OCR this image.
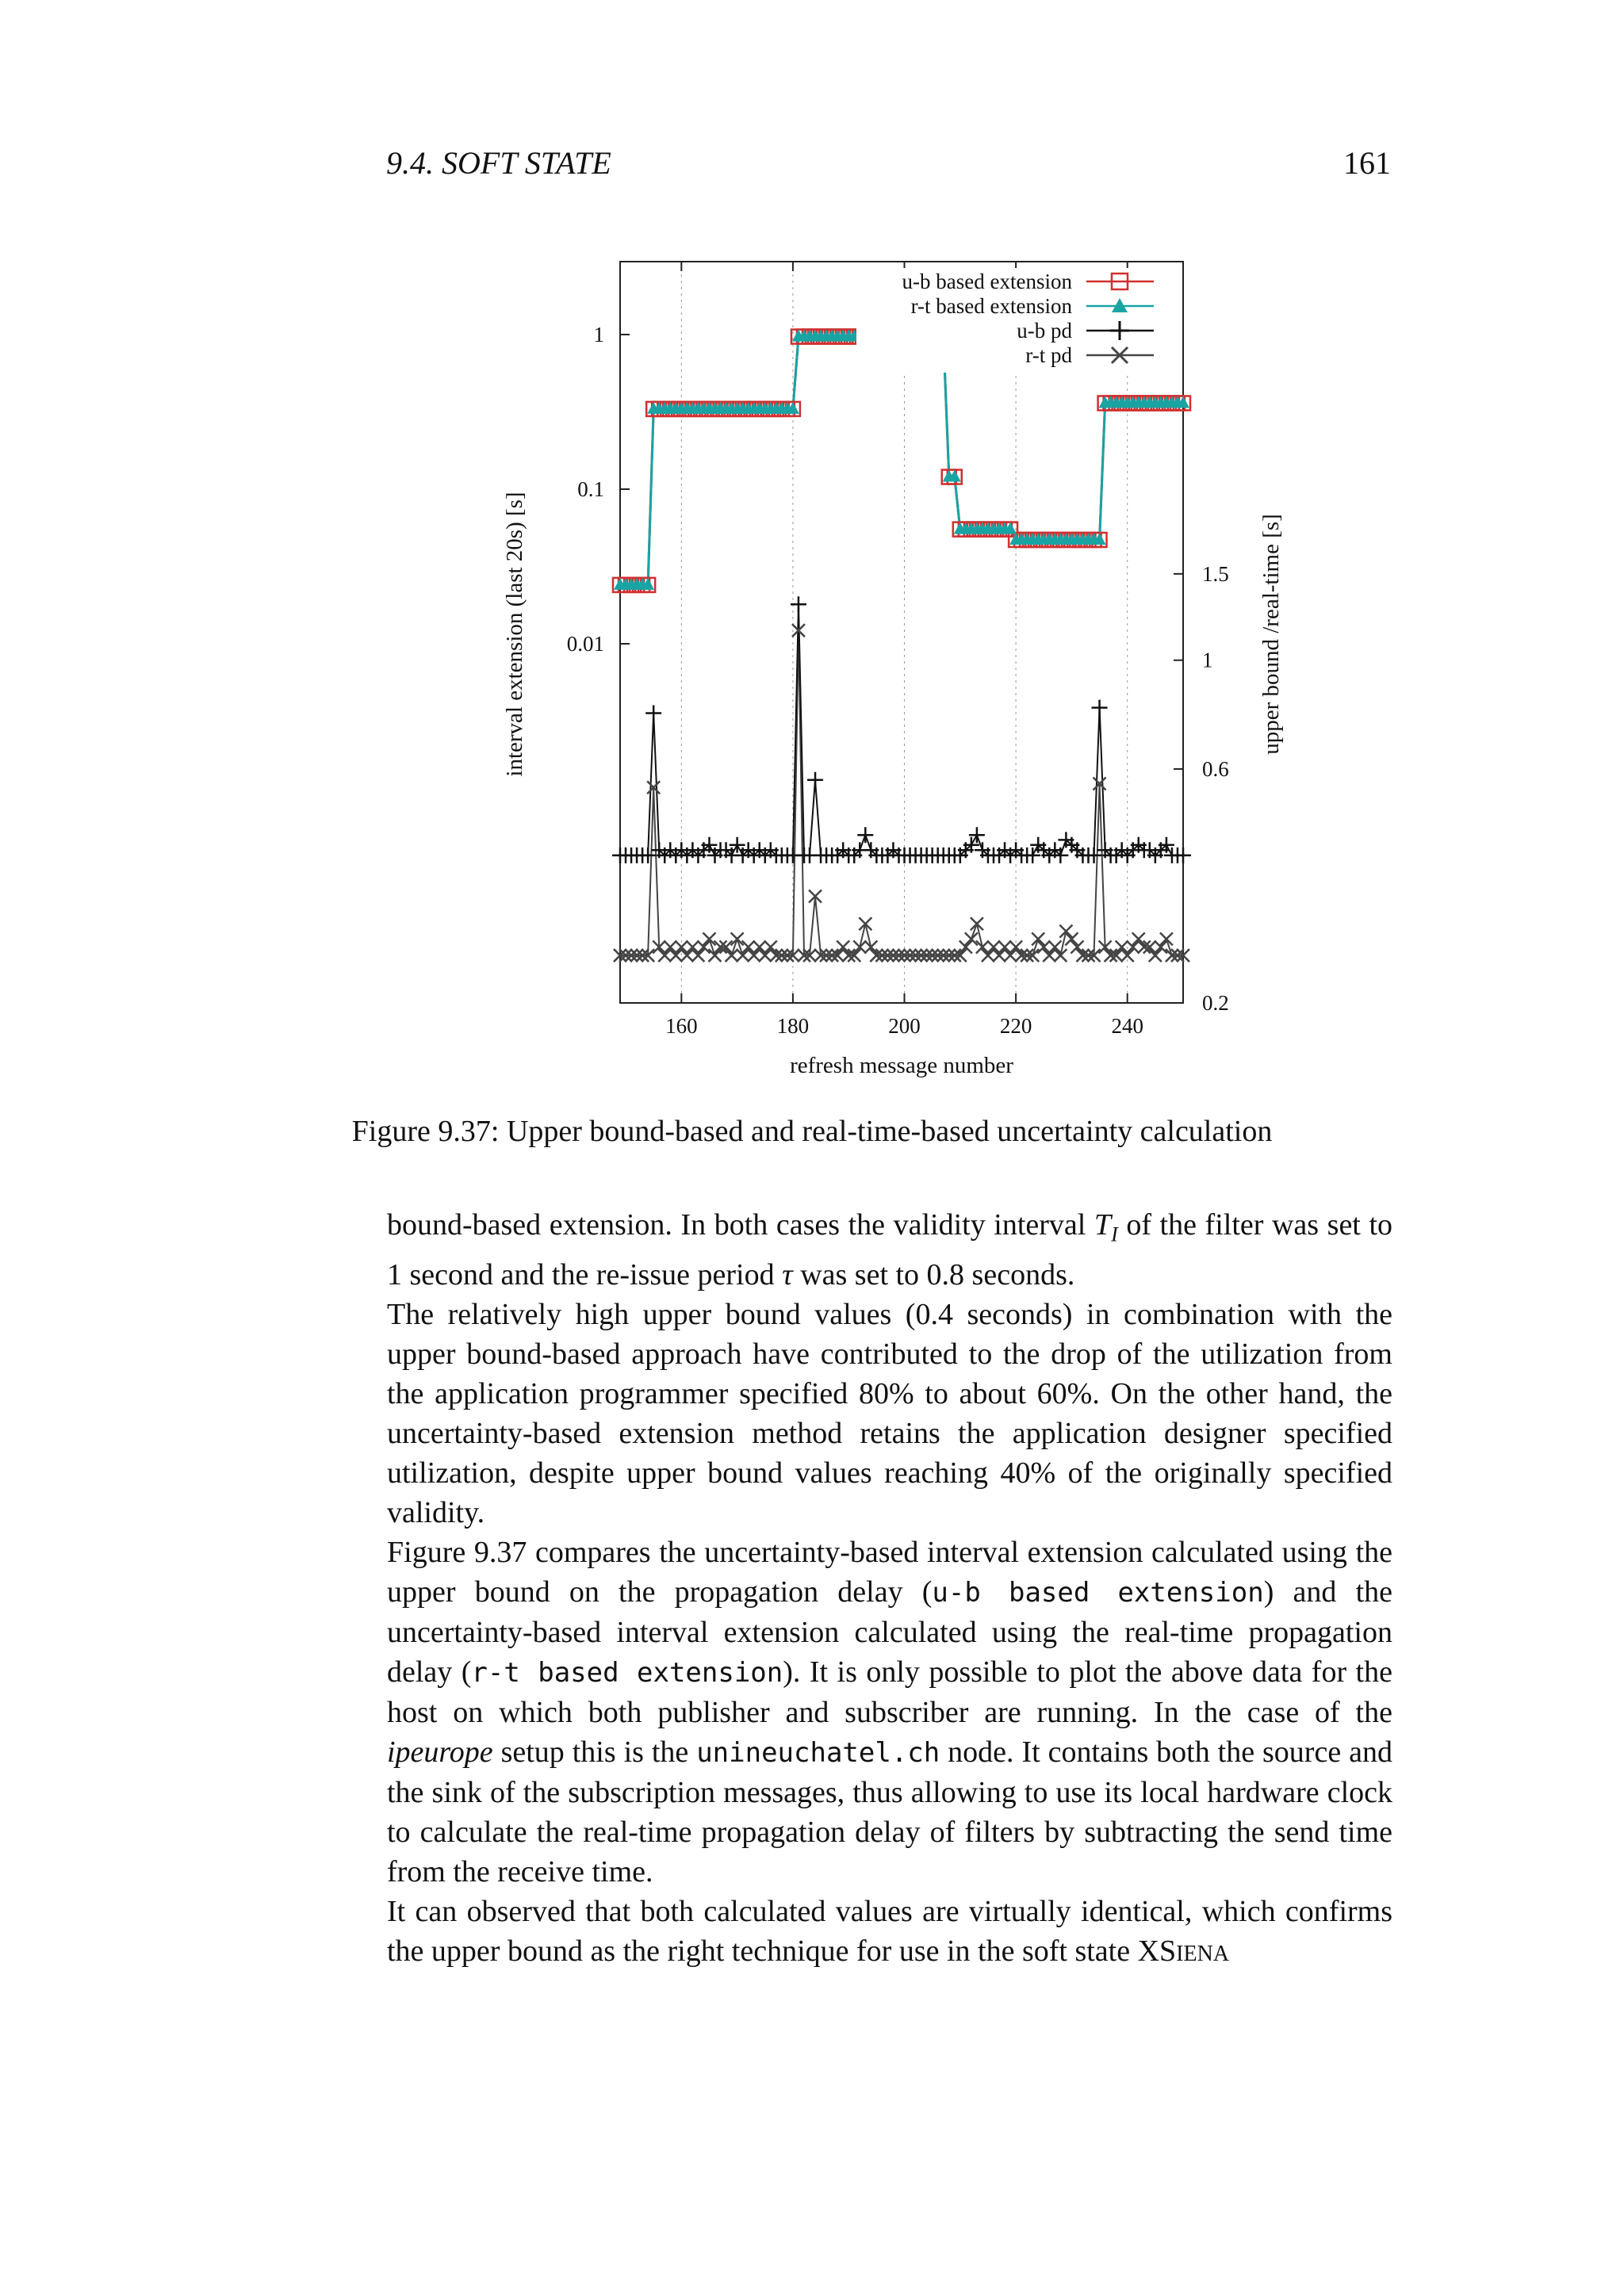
9.4. SOFT STATE	161
160	180	200	220	240
1
0.1
0.01
1.5
1
0.6
0.2
refresh message number
interval extension (last 20s) [s]	upper bound /real-time [s]
u-b based extension
r-t based extension
u-b pd
r-t pd
Figure 9.37: Upper bound-based and real-time-based uncertainty calculation

bound-based extension. In both cases the validity interval $T_I$ of the filter was set to 1 second and the re-issue period τ was set to 0.8 seconds.

The relatively high upper bound values (0.4 seconds) in combination with the upper bound-based approach have contributed to the drop of the utilization from the application programmer specified 80% to about 60%. On the other hand, the uncertainty-based extension method retains the application designer specified utilization, despite upper bound values reaching 40% of the originally specified validity.

Figure 9.37 compares the uncertainty-based interval extension calculated using the upper bound on the propagation delay (u-b based extension) and the uncertainty-based interval extension calculated using the real-time propagation delay (r-t based extension). It is only possible to plot the above data for the host on which both publisher and subscriber are running. In the case of the ipeurope setup this is the unineuchatel.ch node. It contains both the source and the sink of the subscription messages, thus allowing to use its local hardware clock to calculate the real-time propagation delay of filters by subtracting the send time from the receive time.

It can observed that both calculated values are virtually identical, which confirms the upper bound as the right technique for use in the soft state XSIENA
